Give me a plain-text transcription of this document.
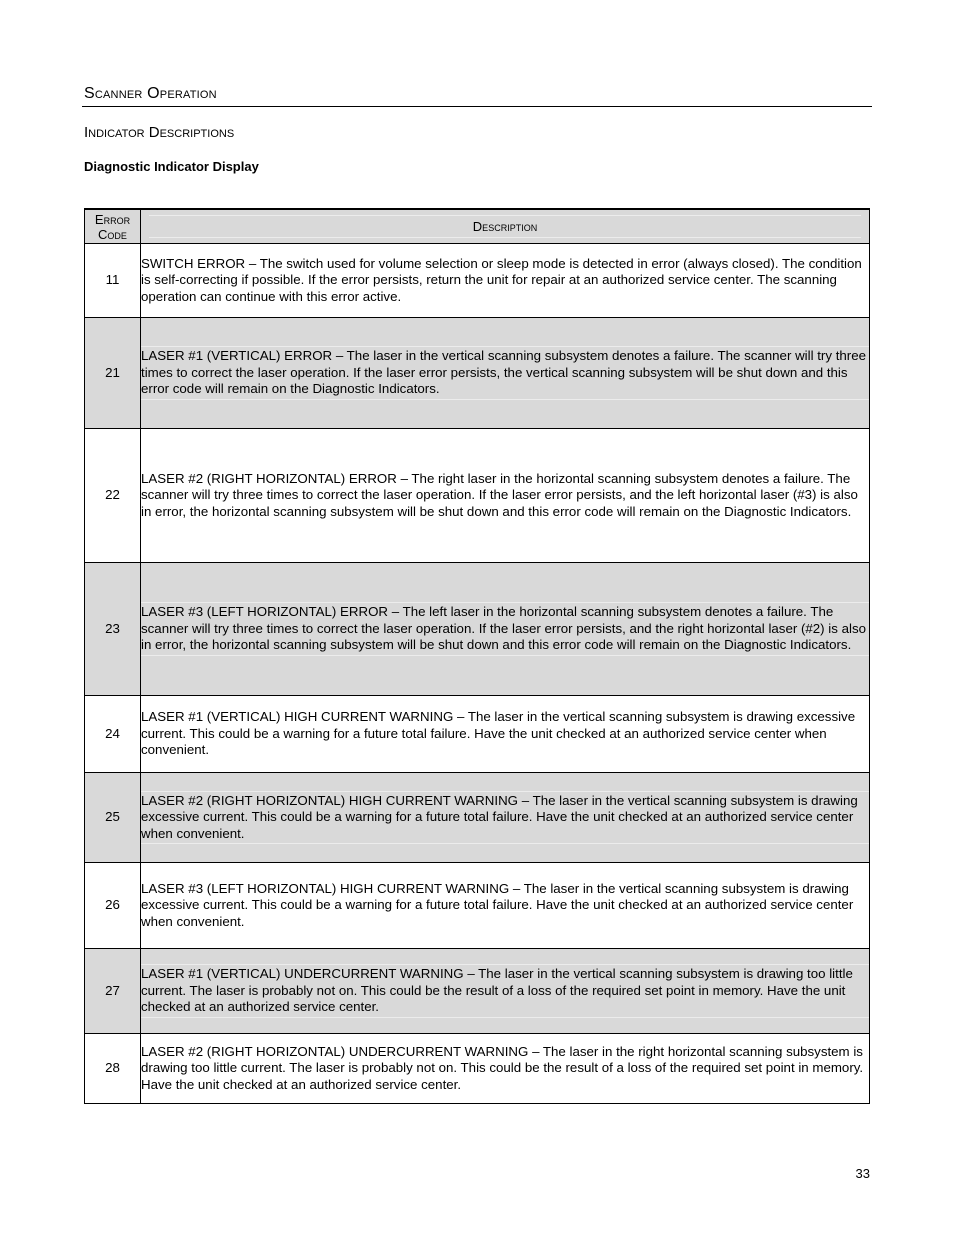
Scanner Operation
Indicator Descriptions
Diagnostic Indicator Display
Error
Code	Description

11	SWITCH ERROR – The switch used for volume selection or sleep mode is detected in error (always closed). The condition is self-correcting if possible. If the error persists, return the unit for repair at an authorized service center. The scanning operation can continue with this error active.

21	LASER #1 (VERTICAL) ERROR – The laser in the vertical scanning subsystem denotes a failure. The scanner will try three times to correct the laser operation. If the laser error persists, the vertical scanning subsystem will be shut down and this error code will remain on the Diagnostic Indicators.

22	LASER #2 (RIGHT HORIZONTAL) ERROR – The right laser in the horizontal scanning subsystem denotes a failure. The scanner will try three times to correct the laser operation. If the laser error persists, and the left horizontal laser (#3) is also in error, the horizontal scanning subsystem will be shut down and this error code will remain on the Diagnostic Indicators.

23	LASER #3 (LEFT HORIZONTAL) ERROR – The left laser in the horizontal scanning subsystem denotes a failure. The scanner will try three times to correct the laser operation. If the laser error persists, and the right horizontal laser (#2) is also in error, the horizontal scanning subsystem will be shut down and this error code will remain on the Diagnostic Indicators.

24	LASER #1 (VERTICAL) HIGH CURRENT WARNING – The laser in the vertical scanning subsystem is drawing excessive current. This could be a warning for a future total failure. Have the unit checked at an authorized service center when convenient.

25	LASER #2 (RIGHT HORIZONTAL) HIGH CURRENT WARNING – The laser in the vertical scanning subsystem is drawing excessive current. This could be a warning for a future total failure. Have the unit checked at an authorized service center when convenient.

26	LASER #3 (LEFT HORIZONTAL) HIGH CURRENT WARNING – The laser in the vertical scanning subsystem is drawing excessive current. This could be a warning for a future total failure. Have the unit checked at an authorized service center when convenient.

27	LASER #1 (VERTICAL) UNDERCURRENT WARNING – The laser in the vertical scanning subsystem is drawing too little current. The laser is probably not on. This could be the result of a loss of the required set point in memory. Have the unit checked at an authorized service center.

28	LASER #2 (RIGHT HORIZONTAL) UNDERCURRENT WARNING – The laser in the right horizontal scanning subsystem is drawing too little current. The laser is probably not on. This could be the result of a loss of the required set point in memory. Have the unit checked at an authorized service center.
33
